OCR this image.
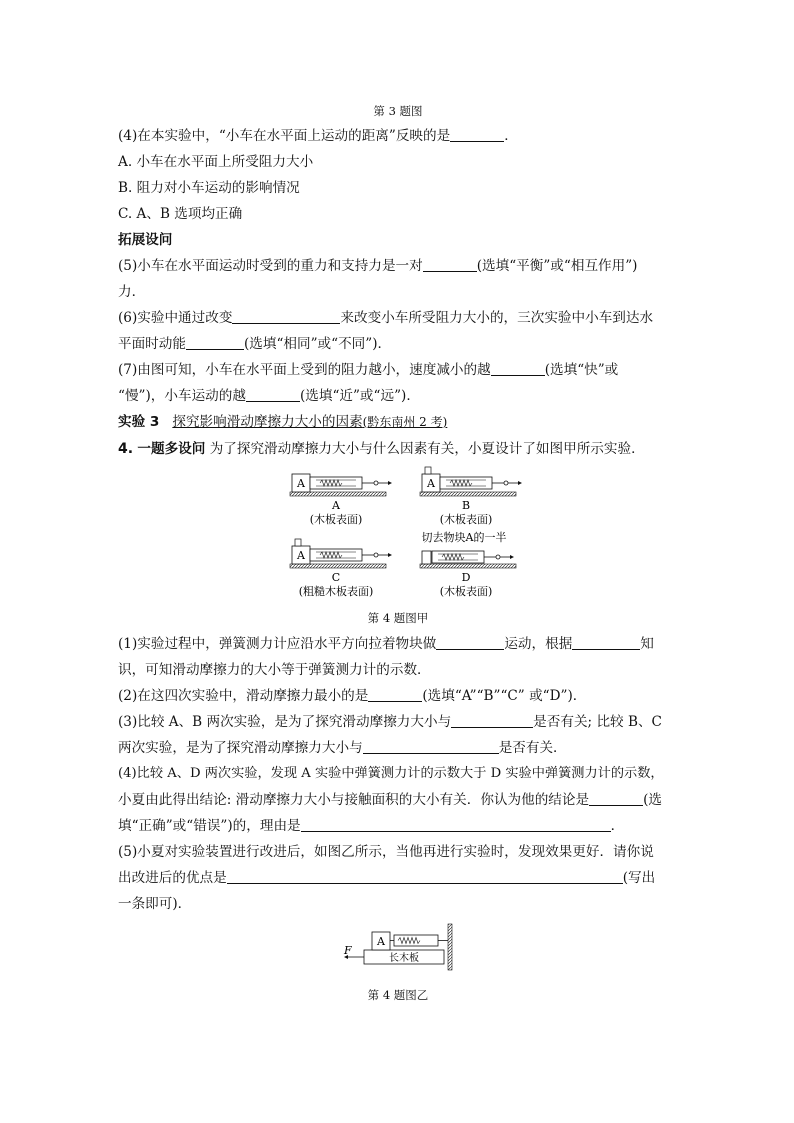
第 3 题图
(4)在本实验中，“小车在水平面上运动的距离”反映的是	．
A. 小车在水平面上所受阻力大小
B. 阻力对小车运动的影响情况
C. A、B 选项均正确
拓展设问
(5)小车在水平面运动时受到的重力和支持力是一对	(选填“平衡”或“相互作用”)
力．
(6)实验中通过改变	来改变小车所受阻力大小的，三次实验中小车到达水
平面时动能	(选填“相同”或“不同”)．
(7)由图可知，小车在水平面上受到的阻力越小，速度减小的越	(选填“快”或
“慢”)，小车运动的越	(选填“近”或“远”)．
实验 3 探究影响滑动摩擦力大小的因素(黔东南州 2 考)
4. 一题多设问 为了探究滑动摩擦力大小与什么因素有关，小夏设计了如图甲所示实验．
A
A
(木板表面)
A
B
(木板表面)
A
C
(粗糙木板表面)
切去物块A的一半
D
(木板表面)
第 4 题图甲
(1)实验过程中，弹簧测力计应沿水平方向拉着物块做	运动，根据	知
识，可知滑动摩擦力的大小等于弹簧测力计的示数．
(2)在这四次实验中，滑动摩擦力最小的是	(选填“A”“B”“C” 或“D”)．
(3)比较 A、B 两次实验，是为了探究滑动摩擦力大小与	是否有关; 比较 B、C
两次实验，是为了探究滑动摩擦力大小与	是否有关．
(4)比较 A、D 两次实验，发现 A 实验中弹簧测力计的示数大于 D 实验中弹簧测力计的示数，
小夏由此得出结论: 滑动摩擦力大小与接触面积的大小有关．你认为他的结论是	(选
填“正确”或“错误”)的，理由是	．
(5)小夏对实验装置进行改进后，如图乙所示，当他再进行实验时，发现效果更好．请你说
出改进后的优点是	(写出
一条即可)．
长木板
A
F
第 4 题图乙
